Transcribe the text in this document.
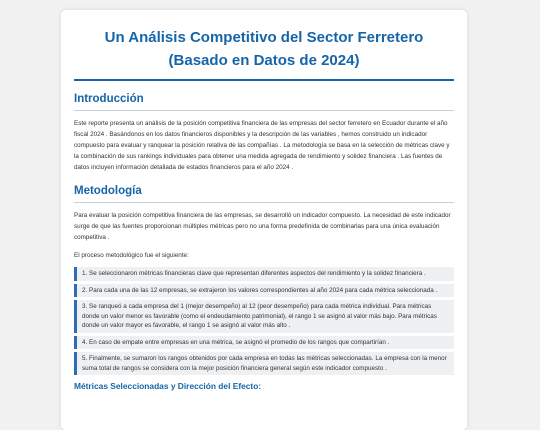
Un Análisis Competitivo del Sector Ferretero (Basado en Datos de 2024)
Introducción

Este reporte presenta un análisis de la posición competitiva financiera de las empresas del sector ferretero en Ecuador durante el año fiscal 2024 . Basándonos en los datos financieros disponibles y la descripción de las variables , hemos construido un indicador compuesto para evaluar y ranquear la posición relativa de las compañías . La metodología se basa en la selección de métricas clave y la combinación de sus rankings individuales para obtener una medida agregada de rendimiento y solidez financiera . Las fuentes de datos incluyen información detallada de estados financieros para el año 2024 .

Metodología

Para evaluar la posición competitiva financiera de las empresas, se desarrolló un indicador compuesto. La necesidad de este indicador surge de que las fuentes proporcionan múltiples métricas pero no una forma predefinida de combinarlas para una única evaluación competitiva .

El proceso metodológico fue el siguiente:

1. Se seleccionaron métricas financieras clave que representan diferentes aspectos del rendimiento y la solidez financiera .
2. Para cada una de las 12 empresas, se extrajeron los valores correspondientes al año 2024 para cada métrica seleccionada .
3. Se ranqueó a cada empresa del 1 (mejor desempeño) al 12 (peor desempeño) para cada métrica individual. Para métricas donde un valor menor es favorable (como el endeudamiento patrimonial), el rango 1 se asignó al valor más bajo. Para métricas donde un valor mayor es favorable, el rango 1 se asignó al valor más alto .
4. En caso de empate entre empresas en una métrica, se asignó el promedio de los rangos que compartirían .
5. Finalmente, se sumaron los rangos obtenidos por cada empresa en todas las métricas seleccionadas. La empresa con la menor suma total de rangos se considera con la mejor posición financiera general según este indicador compuesto .
Métricas Seleccionadas y Dirección del Efecto:
